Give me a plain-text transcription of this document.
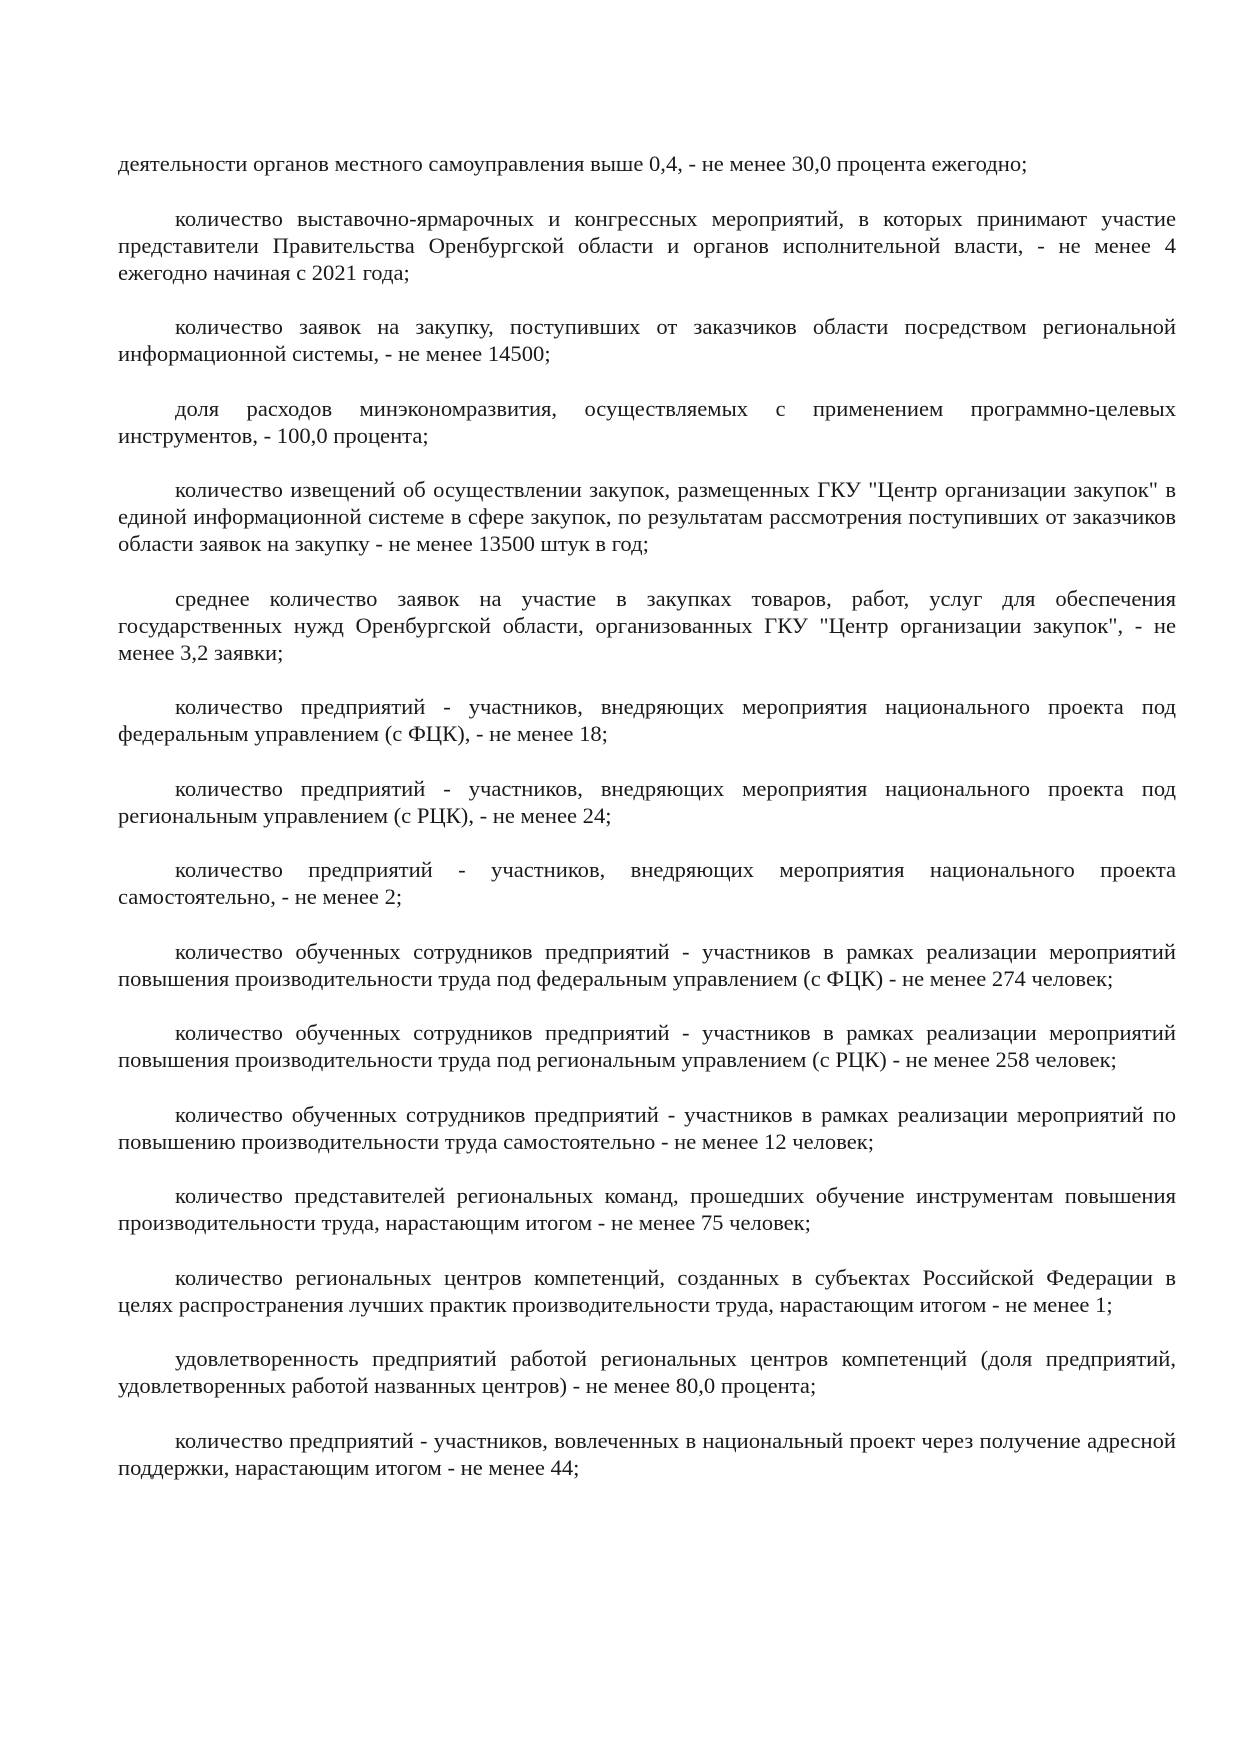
деятельности органов местного самоуправления выше 0,4, - не менее 30,0 процента ежегодно;

количество выставочно-ярмарочных и конгрессных мероприятий, в которых принимают участие представители Правительства Оренбургской области и органов исполнительной власти, - не менее 4 ежегодно начиная с 2021 года;

количество заявок на закупку, поступивших от заказчиков области посредством региональной информационной системы, - не менее 14500;

доля расходов минэкономразвития, осуществляемых с применением программно-целевых инструментов, - 100,0 процента;

количество извещений об осуществлении закупок, размещенных ГКУ "Центр организации закупок" в единой информационной системе в сфере закупок, по результатам рассмотрения поступивших от заказчиков области заявок на закупку - не менее 13500 штук в год;

среднее количество заявок на участие в закупках товаров, работ, услуг для обеспечения государственных нужд Оренбургской области, организованных ГКУ "Центр организации закупок", - не менее 3,2 заявки;

количество предприятий - участников, внедряющих мероприятия национального проекта под федеральным управлением (с ФЦК), - не менее 18;

количество предприятий - участников, внедряющих мероприятия национального проекта под региональным управлением (с РЦК), - не менее 24;

количество предприятий - участников, внедряющих мероприятия национального проекта самостоятельно, - не менее 2;

количество обученных сотрудников предприятий - участников в рамках реализации мероприятий повышения производительности труда под федеральным управлением (с ФЦК) - не менее 274 человек;

количество обученных сотрудников предприятий - участников в рамках реализации мероприятий повышения производительности труда под региональным управлением (с РЦК) - не менее 258 человек;

количество обученных сотрудников предприятий - участников в рамках реализации мероприятий по повышению производительности труда самостоятельно - не менее 12 человек;

количество представителей региональных команд, прошедших обучение инструментам повышения производительности труда, нарастающим итогом - не менее 75 человек;

количество региональных центров компетенций, созданных в субъектах Российской Федерации в целях распространения лучших практик производительности труда, нарастающим итогом - не менее 1;

удовлетворенность предприятий работой региональных центров компетенций (доля предприятий, удовлетворенных работой названных центров) - не менее 80,0 процента;

количество предприятий - участников, вовлеченных в национальный проект через получение адресной поддержки, нарастающим итогом - не менее 44;
